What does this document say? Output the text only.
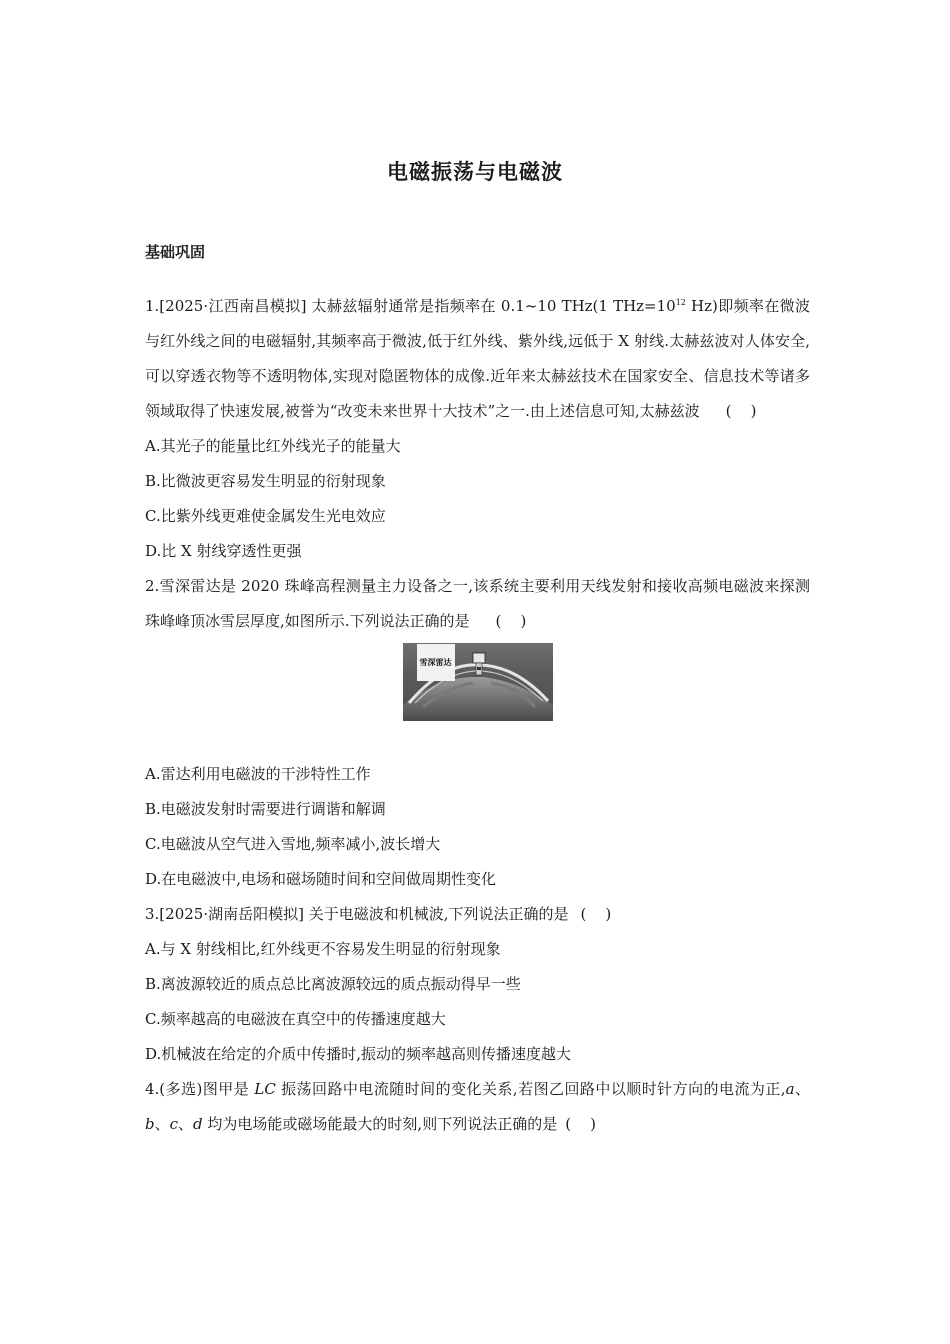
电磁振荡与电磁波
基础巩固

1.[2025·江西南昌模拟] 太赫兹辐射通常是指频率在 0.1~10 THz(1 $THz=10^{12}$ Hz)即频率在微波与红外线之间的电磁辐射,其频率高于微波,低于红外线、紫外线,远低于 X 射线.太赫兹波对人体安全,可以穿透衣物等不透明物体,实现对隐匿物体的成像.近年来太赫兹技术在国家安全、信息技术等诸多领域取得了快速发展,被誉为“改变未来世界十大技术”之一.由上述信息可知,太赫兹波 (    )

A.其光子的能量比红外线光子的能量大

B.比微波更容易发生明显的衍射现象

C.比紫外线更难使金属发生光电效应

D.比 X 射线穿透性更强

2.雪深雷达是 2020 珠峰高程测量主力设备之一,该系统主要利用天线发射和接收高频电磁波来探测珠峰峰顶冰雪层厚度,如图所示.下列说法正确的是 (    )

雪深雷达

A.雷达利用电磁波的干涉特性工作

B.电磁波发射时需要进行调谐和解调

C.电磁波从空气进入雪地,频率减小,波长增大

D.在电磁波中,电场和磁场随时间和空间做周期性变化

3.[2025·湖南岳阳模拟] 关于电磁波和机械波,下列说法正确的是 (    )

A.与 X 射线相比,红外线更不容易发生明显的衍射现象

B.离波源较近的质点总比离波源较远的质点振动得早一些

C.频率越高的电磁波在真空中的传播速度越大

D.机械波在给定的介质中传播时,振动的频率越高则传播速度越大

4.(多选)图甲是 LC 振荡回路中电流随时间的变化关系,若图乙回路中以顺时针方向的电流为正,a、b、c、d 均为电场能或磁场能最大的时刻,则下列说法正确的是 (    )
